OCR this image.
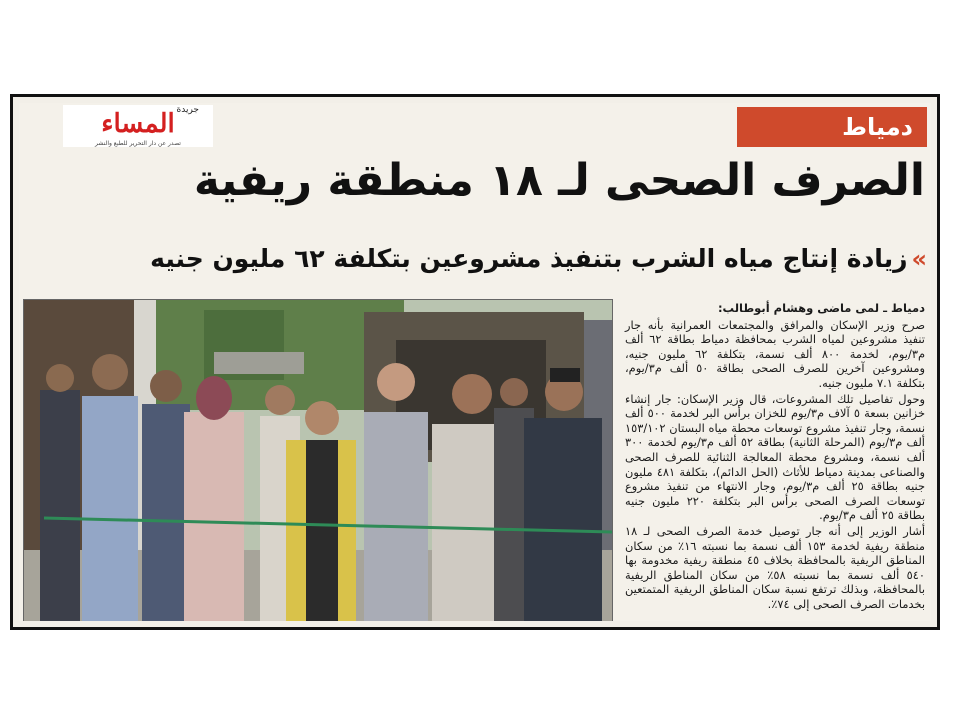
جريدة
المساء
تصدر عن دار التحرير للطبع والنشر
دمياط
الصرف الصحى لـ ١٨ منطقة ريفية
»زيادة إنتاج مياه الشرب بتنفيذ مشروعين بتكلفة ٦٢ مليون جنيه
دمياط ـ لمى ماضى وهشام أبوطالب:
صرح وزير الإسكان والمرافق والمجتمعات العمرانية بأنه جار تنفيذ مشروعين لمياه الشرب بمحافظة دمياط بطاقة ٦٢ ألف م٣/يوم، لخدمة ٨٠٠ ألف نسمة، بتكلفة ٦٢ مليون جنيه، ومشروعين آخرين للصرف الصحى بطاقة ٥٠ ألف م٣/يوم، بتكلفة ٧.١ مليون جنيه.
وحول تفاصيل تلك المشروعات، قال وزير الإسكان: جار إنشاء خزانين بسعة ٥ آلاف م٣/يوم للخزان برأس البر لخدمة ٥٠٠ ألف نسمة، وجار تنفيذ مشروع توسعات محطة مياه البستان ١٥٣/١٠٢ ألف م٣/يوم (المرحلة الثانية) بطاقة ٥٢ ألف م٣/يوم لخدمة ٣٠٠ ألف نسمة، ومشروع محطة المعالجة الثنائية للصرف الصحى والصناعى بمدينة دمياط للأثاث (الحل الدائم)، بتكلفة ٤٨١ مليون جنيه بطاقة ٢٥ ألف م٣/يوم، وجار الانتهاء من تنفيذ مشروع توسعات الصرف الصحى برأس البر بتكلفة ٢٢٠ مليون جنيه بطاقة ٢٥ ألف م٣/يوم.
أشار الوزير إلى أنه جار توصيل خدمة الصرف الصحى لـ ١٨ منطقة ريفية لخدمة ١٥٣ ألف نسمة بما نسبته ١٦٪ من سكان المناطق الريفية بالمحافظة بخلاف ٤٥ منطقة ريفية مخدومة بها ٥٤٠ ألف نسمة بما نسبته ٥٨٪ من سكان المناطق الريفية بالمحافظة، وبذلك ترتفع نسبة سكان المناطق الريفية المتمتعين بخدمات الصرف الصحى إلى ٧٤٪.
